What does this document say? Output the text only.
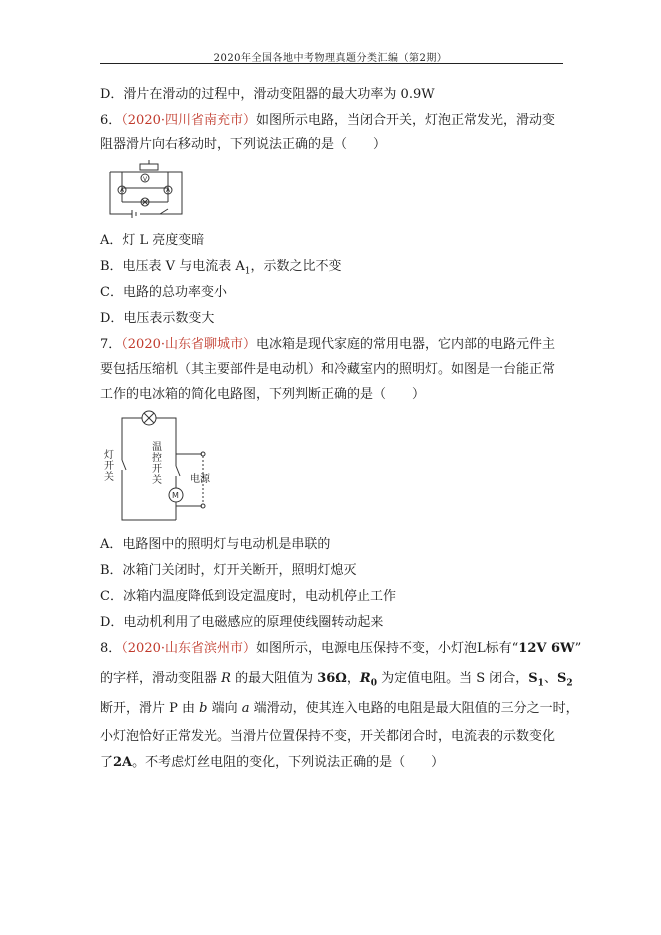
2020年全国各地中考物理真题分类汇编（第2期）
D．滑片在滑动的过程中，滑动变阻器的最大功率为 0.9W
6．（2020·四川省南充市）如图所示电路，当闭合开关，灯泡正常发光，滑动变
阻器滑片向右移动时，下列说法正确的是（　　）
V
A	A
A．灯 L 亮度变暗
B．电压表 V 与电流表 $A_1$，示数之比不变
C．电路的总功率变小
D．电压表示数变大
7．（2020·山东省聊城市）电冰箱是现代家庭的常用电器，它内部的电路元件主
要包括压缩机（其主要部件是电动机）和冷藏室内的照明灯。如图是一台能正常
工作的电冰箱的简化电路图，下列判断正确的是（　　）
M
灯开关
温控开关	电源
A．电路图中的照明灯与电动机是串联的
B．冰箱门关闭时，灯开关断开，照明灯熄灭
C．冰箱内温度降低到设定温度时，电动机停止工作
D．电动机利用了电磁感应的原理使线圈转动起来
8．（2020·山东省滨州市）如图所示，电源电压保持不变，小灯泡L标有“12V 6W”
的字样，滑动变阻器 R 的最大阻值为 36Ω，$R_0$ 为定值电阻。当 S 闭合，$S_1$、$S_2$
断开，滑片 P 由 b 端向 a 端滑动，使其连入电路的电阻是最大阻值的三分之一时，
小灯泡恰好正常发光。当滑片位置保持不变，开关都闭合时，电流表的示数变化
了2A。不考虑灯丝电阻的变化，下列说法正确的是（　　）
